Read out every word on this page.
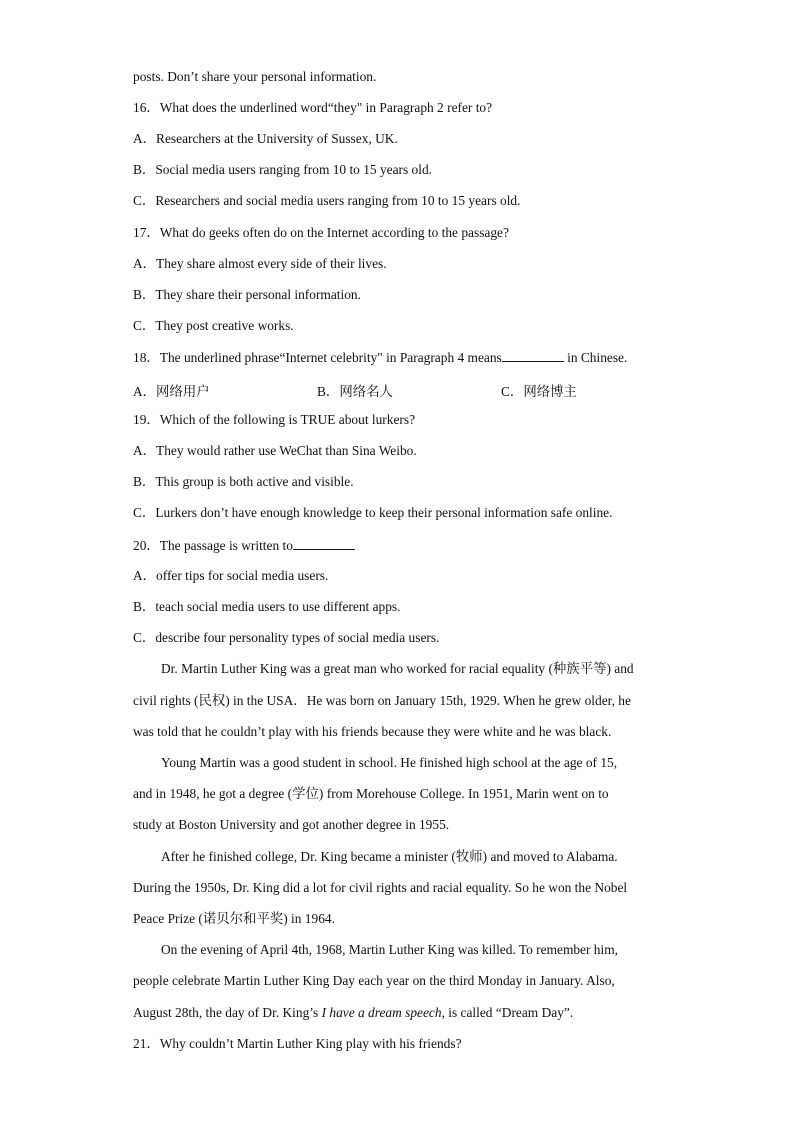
posts. Don’t share your personal information.
16．What does the underlined word“they" in Paragraph 2 refer to?
A．Researchers at the University of Sussex, UK.
B．Social media users ranging from 10 to 15 years old.
C．Researchers and social media users ranging from 10 to 15 years old.
17．What do geeks often do on the Internet according to the passage?
A．They share almost every side of their lives.
B．They share their personal information.
C．They post creative works.
18．The underlined phrase“Internet celebrity" in Paragraph 4 means	in Chinese.
A．网络用户	B．网络名人	C．网络博主
19．Which of the following is TRUE about lurkers?
A．They would rather use WeChat than Sina Weibo.
B．This group is both active and visible.
C．Lurkers don’t have enough knowledge to keep their personal information safe online.
20．The passage is written to
A．offer tips for social media users.
B．teach social media users to use different apps.
C．describe four personality types of social media users.
Dr. Martin Luther King was a great man who worked for racial equality (种族平等) and
civil rights (民权) in the USA．He was born on January 15th, 1929. When he grew older, he
was told that he couldn’t play with his friends because they were white and he was black.
Young Martin was a good student in school. He finished high school at the age of 15,
and in 1948, he got a degree (学位) from Morehouse College. In 1951, Marin went on to
study at Boston University and got another degree in 1955.
After he finished college, Dr. King became a minister (牧师) and moved to Alabama.
During the 1950s, Dr. King did a lot for civil rights and racial equality. So he won the Nobel
Peace Prize (诺贝尔和平奖) in 1964.
On the evening of April 4th, 1968, Martin Luther King was killed. To remember him,
people celebrate Martin Luther King Day each year on the third Monday in January. Also,
August 28th, the day of Dr. King’s I have a dream speech, is called “Dream Day”.
21．Why couldn’t Martin Luther King play with his friends?
